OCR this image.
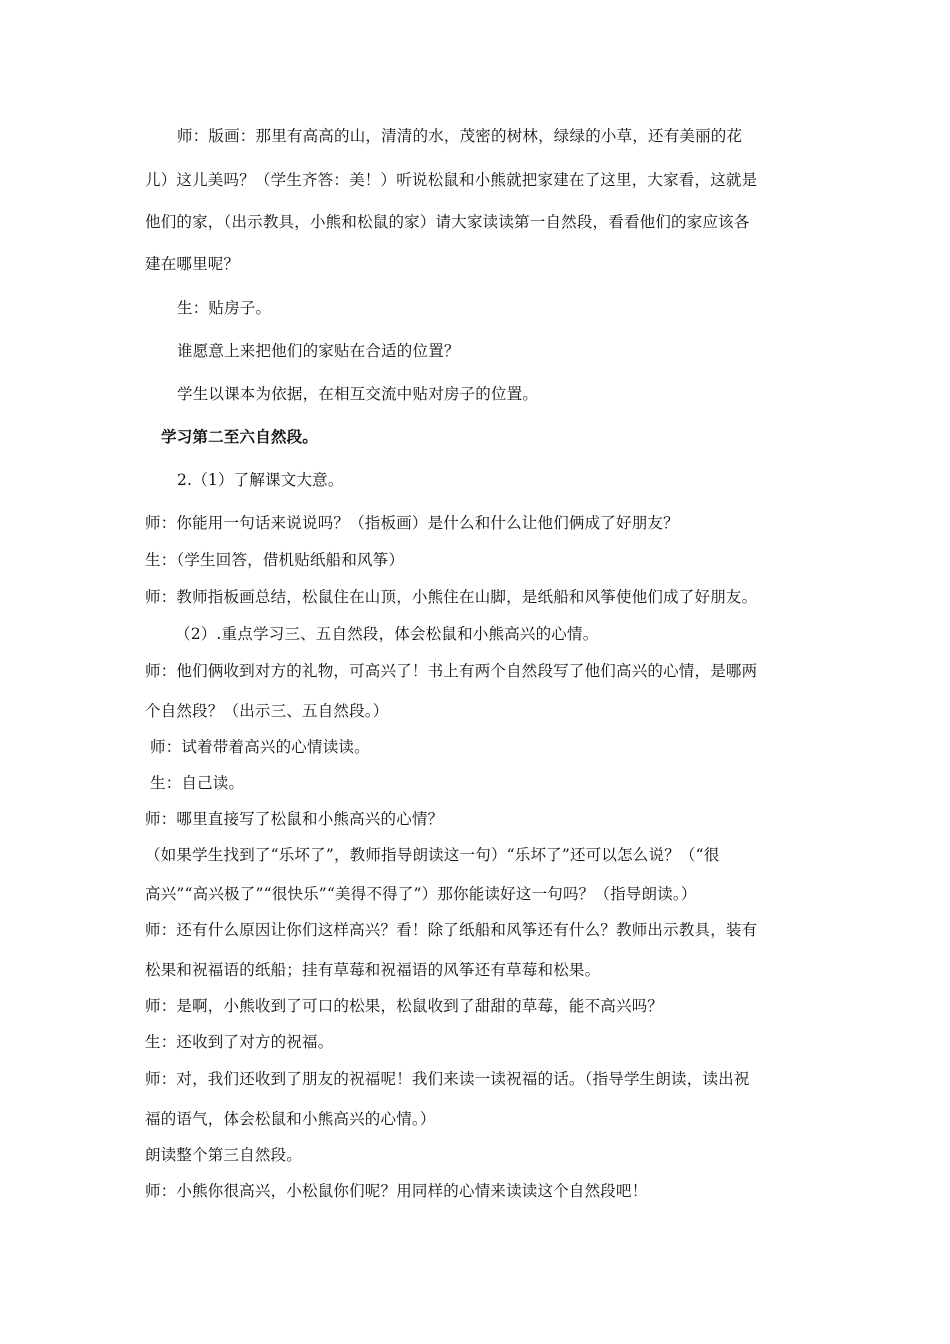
师：版画：那里有高高的山，清清的水，茂密的树林，绿绿的小草，还有美丽的花
儿）这儿美吗？（学生齐答：美！）听说松鼠和小熊就把家建在了这里，大家看，这就是
他们的家，（出示教具，小熊和松鼠的家）请大家读读第一自然段，看看他们的家应该各
建在哪里呢？
生：贴房子。
谁愿意上来把他们的家贴在合适的位置？
学生以课本为依据，在相互交流中贴对房子的位置。
学习第二至六自然段。
2.（1）了解课文大意。
师：你能用一句话来说说吗？（指板画）是什么和什么让他们俩成了好朋友？
生：（学生回答，借机贴纸船和风筝）
师：教师指板画总结，松鼠住在山顶，小熊住在山脚，是纸船和风筝使他们成了好朋友。
（2）.重点学习三、五自然段，体会松鼠和小熊高兴的心情。
师：他们俩收到对方的礼物，可高兴了！书上有两个自然段写了他们高兴的心情，是哪两
个自然段？（出示三、五自然段。）
师：试着带着高兴的心情读读。
生：自己读。
师：哪里直接写了松鼠和小熊高兴的心情？
（如果学生找到了“乐坏了”，教师指导朗读这一句）“乐坏了”还可以怎么说？（“很
高兴”“高兴极了”“很快乐”“美得不得了”）那你能读好这一句吗？（指导朗读。）
师：还有什么原因让你们这样高兴？看！除了纸船和风筝还有什么？教师出示教具，装有
松果和祝福语的纸船；挂有草莓和祝福语的风筝还有草莓和松果。
师：是啊，小熊收到了可口的松果，松鼠收到了甜甜的草莓，能不高兴吗？
生：还收到了对方的祝福。
师：对，我们还收到了朋友的祝福呢！我们来读一读祝福的话。（指导学生朗读，读出祝
福的语气，体会松鼠和小熊高兴的心情。）
朗读整个第三自然段。
师：小熊你很高兴，小松鼠你们呢？用同样的心情来读读这个自然段吧！
